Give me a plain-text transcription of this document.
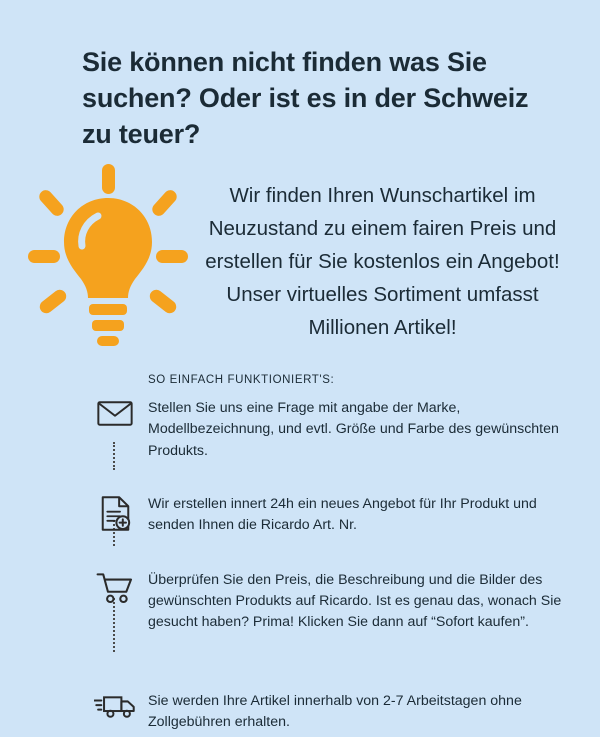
Sie können nicht finden was Sie suchen? Oder ist es in der Schweiz zu teuer?

Wir finden Ihren Wunschartikel im Neuzustand zu einem fairen Preis und erstellen für Sie kostenlos ein Angebot! Unser virtuelles Sortiment umfasst Millionen Artikel!

SO EINFACH FUNKTIONIERT'S:
Stellen Sie uns eine Frage mit angabe der Marke, Modellbezeichnung, und evtl. Größe und Farbe des gewünschten Produkts.
Wir erstellen innert 24h ein neues Angebot für Ihr Produkt und senden Ihnen die Ricardo Art. Nr.
Überprüfen Sie den Preis, die Beschreibung und die Bilder des gewünschten Produkts auf Ricardo. Ist es genau das, wonach Sie gesucht haben? Prima! Klicken Sie dann auf “Sofort kaufen”.
Sie werden Ihre Artikel innerhalb von 2-7 Arbeitstagen ohne Zollgebühren erhalten.
